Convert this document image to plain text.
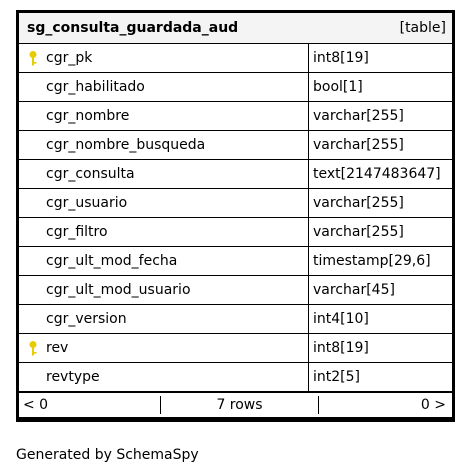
sg_consulta_guardada_aud	[table]
cgr_pk	int8[19]
cgr_habilitado	bool[1]
cgr_nombre	varchar[255]
cgr_nombre_busqueda	varchar[255]
cgr_consulta	text[2147483647]
cgr_usuario	varchar[255]
cgr_filtro	varchar[255]
cgr_ult_mod_fecha	timestamp[29,6]
cgr_ult_mod_usuario	varchar[45]
cgr_version	int4[10]
rev	int8[19]
revtype	int2[5]
< 0	7 rows	0 >
Generated by SchemaSpy
